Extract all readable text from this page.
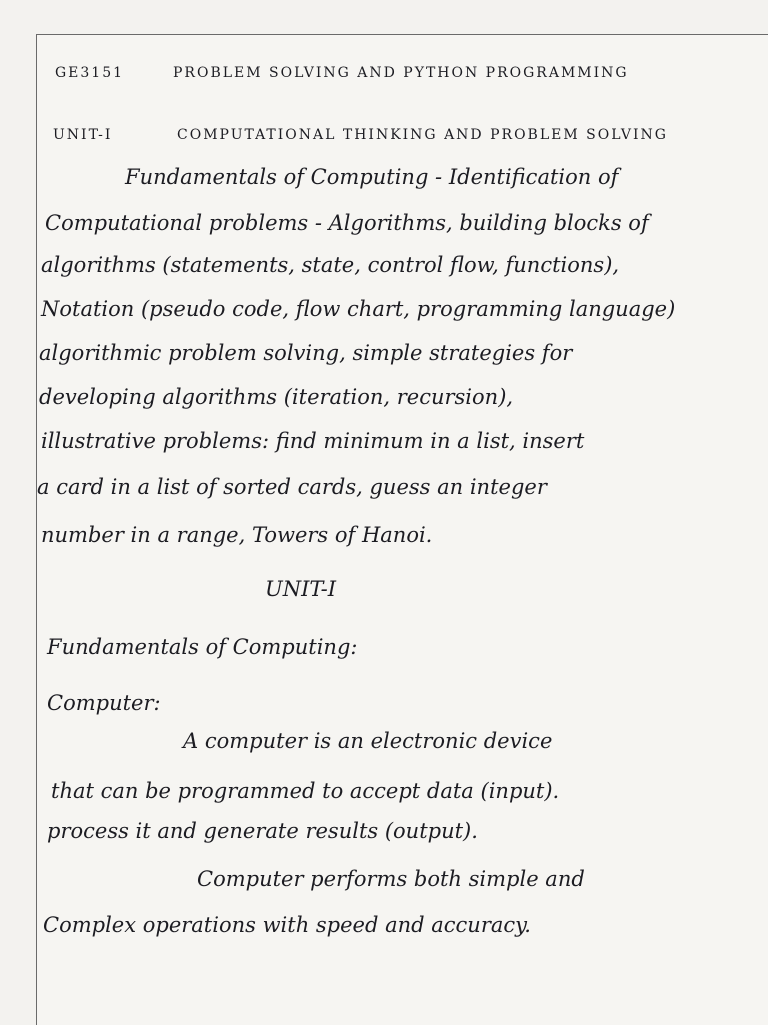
GE3151	PROBLEM SOLVING AND PYTHON PROGRAMMING
UNIT-I	COMPUTATIONAL THINKING AND PROBLEM SOLVING
Fundamentals of Computing - Identification of
Computational problems - Algorithms, building blocks of
algorithms (statements, state, control flow, functions),
Notation (pseudo code, flow chart, programming language)
algorithmic problem solving, simple strategies for
developing algorithms (iteration, recursion),
illustrative problems: find minimum in a list, insert
a card in a list of sorted cards, guess an integer
number in a range, Towers of Hanoi.
UNIT-I
Fundamentals of Computing:
Computer:
A computer is an electronic device
that can be programmed to accept data (input).
process it and generate results (output).
Computer performs both simple and
Complex operations with speed and accuracy.
